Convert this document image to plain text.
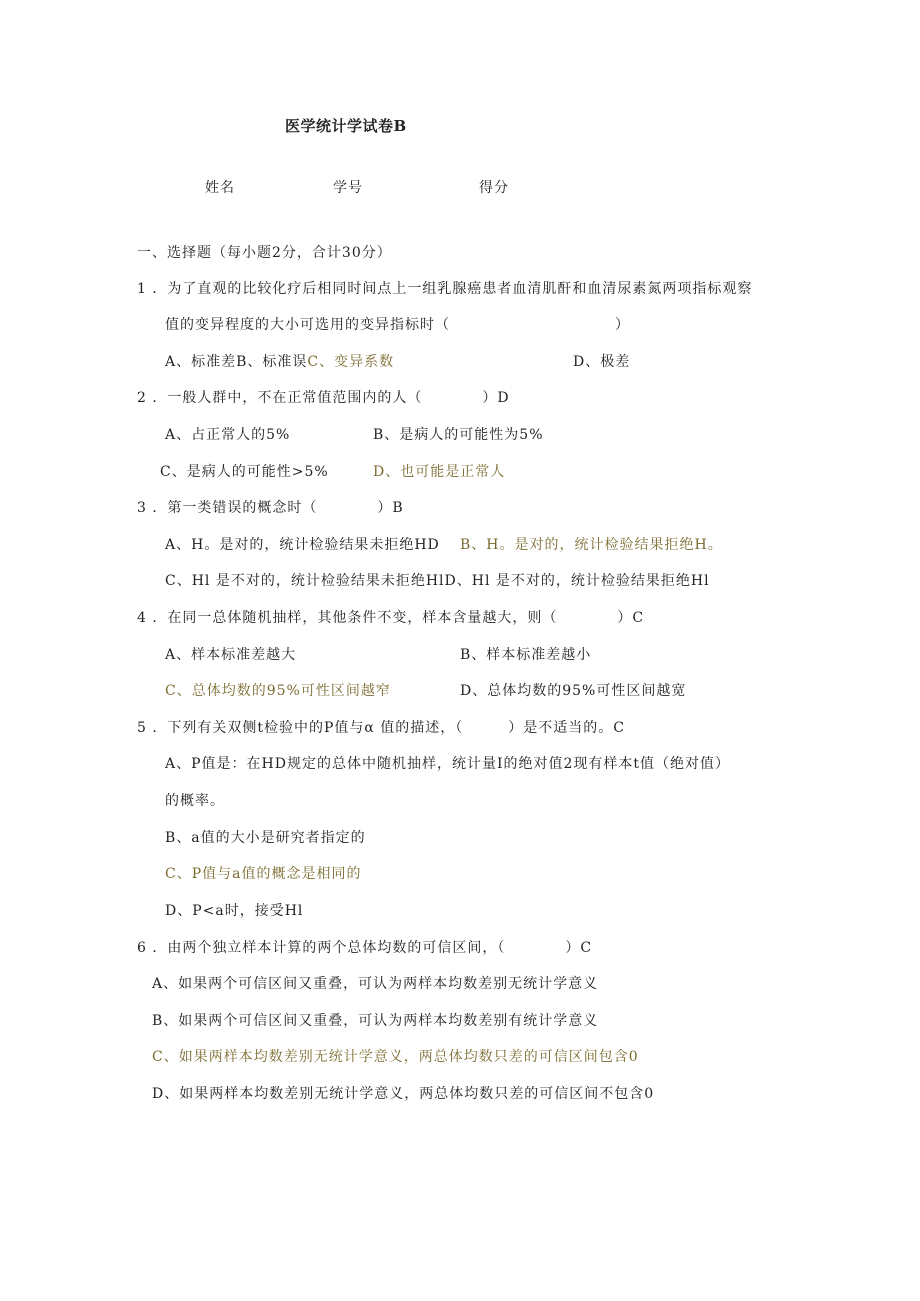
医学统计学试卷B
姓名	学号	得分
一、选择题（每小题2分，合计30分）
1 ．为了直观的比较化疗后相同时间点上一组乳腺癌患者血清肌酐和血清尿素氮两项指标观察
值的变异程度的大小可选用的变异指标时（　　　　　　　　　　　）
A、标准差B、标准误C、变异系数	D、极差
2 ．一般人群中，不在正常值范围内的人（　　　　）D
A、占正常人的5%	B、是病人的可能性为5%
C、是病人的可能性>5%	D、也可能是正常人
3 ．第一类错误的概念时（　　　　）B
A、H。是对的，统计检验结果未拒绝HD B、H。是对的，统计检验结果拒绝H。
C、Hl 是不对的，统计检验结果未拒绝HlD、Hl 是不对的，统计检验结果拒绝Hl
4 ．在同一总体随机抽样，其他条件不变，样本含量越大，则（　　　　）C
A、样本标准差越大	B、样本标准差越小
C、总体均数的95%可性区间越窄	D、总体均数的95%可性区间越宽
5 ．下列有关双侧t检验中的P值与α 值的描述，（　　　）是不适当的。C
A、P值是：在HD规定的总体中随机抽样，统计量I的绝对值2现有样本t值（绝对值）
的概率。
B、a值的大小是研究者指定的
C、P值与a值的概念是相同的
D、P<a时，接受Hl
6 ．由两个独立样本计算的两个总体均数的可信区间，（　　　　）C
A、如果两个可信区间又重叠，可认为两样本均数差别无统计学意义
B、如果两个可信区间又重叠，可认为两样本均数差别有统计学意义
C、如果两样本均数差别无统计学意义，两总体均数只差的可信区间包含0
D、如果两样本均数差别无统计学意义，两总体均数只差的可信区间不包含0
